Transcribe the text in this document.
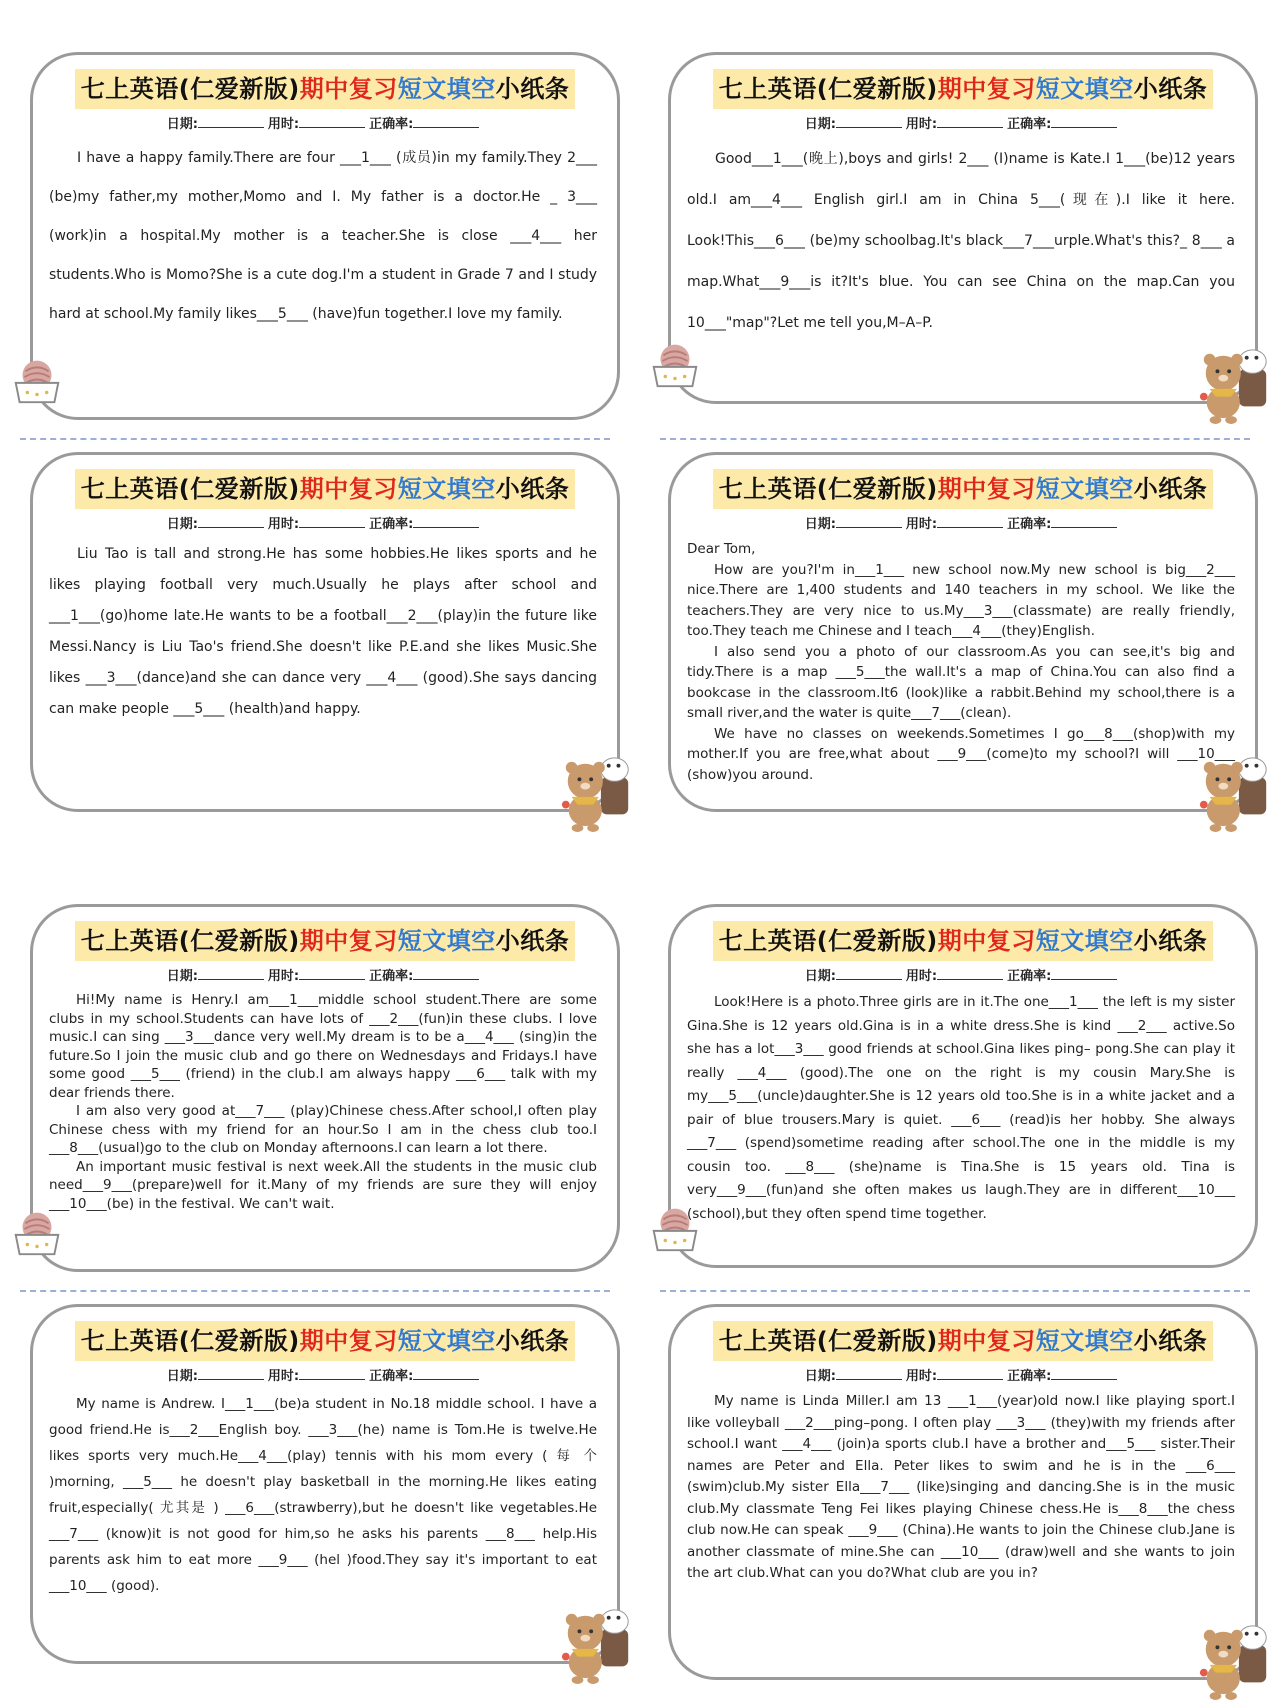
七上英语(仁爱新版)期中复习短文填空小纸条
日期:	用时:	正确率:

I have a happy family.There are four ___1___ (成员)in my family.They 2___ (be)my father,my mother,Momo and I. My father is a doctor.He _ 3___ (work)in a hospital.My mother is a teacher.She is close ___4___ her students.Who is Momo?She is a cute dog.I'm a student in Grade 7 and I study hard at school.My family likes___5___ (have)fun together.I love my family.

七上英语(仁爱新版)期中复习短文填空小纸条
日期:	用时:	正确率:

Good___1___(晚上),boys and girls! 2___ (I)name is Kate.I 1___(be)12 years old.I am___4___ English girl.I am in China 5___(现在).I like it here. Look!This___6___ (be)my schoolbag.It's black___7___urple.What's this?_ 8___ a map.What___9___is it?It's blue. You can see China on the map.Can you 10___"map"?Let me tell you,M–A–P.

七上英语(仁爱新版)期中复习短文填空小纸条
日期:	用时:	正确率:

Liu Tao is tall and strong.He has some hobbies.He likes sports and he likes playing football very much.Usually he plays after school and ___1___(go)home late.He wants to be a football___2___(play)in the future like Messi.Nancy is Liu Tao's friend.She doesn't like P.E.and she likes Music.She likes ___3___(dance)and she can dance very ___4___ (good).She says dancing can make people ___5___ (health)and happy.

七上英语(仁爱新版)期中复习短文填空小纸条
日期:	用时:	正确率:

Dear Tom,

How are you?I'm in___1___ new school now.My new school is big___2___ nice.There are 1,400 students and 140 teachers in my school. We like the teachers.They are very nice to us.My___3___(classmate) are really friendly, too.They teach me Chinese and I teach___4___(they)English.

I also send you a photo of our classroom.As you can see,it's big and tidy.There is a map ___5___the wall.It's a map of China.You can also find a bookcase in the classroom.It6 (look)like a rabbit.Behind my school,there is a small river,and the water is quite___7___(clean).

We have no classes on weekends.Sometimes I go___8___(shop)with my mother.If you are free,what about ___9___(come)to my school?I will ___10___ (show)you around.

七上英语(仁爱新版)期中复习短文填空小纸条
日期:	用时:	正确率:

Hi!My name is Henry.I am___1___middle school student.There are some clubs in my school.Students can have lots of ___2___(fun)in these clubs. I love music.I can sing ___3___dance very well.My dream is to be a___4___ (sing)in the future.So I join the music club and go there on Wednesdays and Fridays.I have some good ___5___ (friend) in the club.I am always happy ___6___ talk with my dear friends there.

I am also very good at___7___ (play)Chinese chess.After school,I often play Chinese chess with my friend for an hour.So I am in the chess club too.I ___8___(usual)go to the club on Monday afternoons.I can learn a lot there.

An important music festival is next week.All the students in the music club need___9___(prepare)well for it.Many of my friends are sure they will enjoy ___10___(be) in the festival. We can't wait.

七上英语(仁爱新版)期中复习短文填空小纸条
日期:	用时:	正确率:

Look!Here is a photo.Three girls are in it.The one___1___ the left is my sister Gina.She is 12 years old.Gina is in a white dress.She is kind ___2___ active.So she has a lot___3___ good friends at school.Gina likes ping– pong.She can play it really ___4___ (good).The one on the right is my cousin Mary.She is my___5___(uncle)daughter.She is 12 years old too.She is in a white jacket and a pair of blue trousers.Mary is quiet. ___6___ (read)is her hobby. She always ___7___ (spend)sometime reading after school.The one in the middle is my cousin too. ___8___ (she)name is Tina.She is 15 years old. Tina is very___9___(fun)and she often makes us laugh.They are in different___10___ (school),but they often spend time together.

七上英语(仁爱新版)期中复习短文填空小纸条
日期:	用时:	正确率:

My name is Andrew. I___1___(be)a student in No.18 middle school. I have a good friend.He is___2___English boy. ___3___(he) name is Tom.He is twelve.He likes sports very much.He___4___(play) tennis with his mom every ( 每 个 )morning, ___5___ he doesn't play basketball in the morning.He likes eating fruit,especially( 尤其是 ) ___6___(strawberry),but he doesn't like vegetables.He ___7___ (know)it is not good for him,so he asks his parents ___8___ help.His parents ask him to eat more ___9___ (hel )food.They say it's important to eat ___10___ (good).

七上英语(仁爱新版)期中复习短文填空小纸条
日期:	用时:	正确率:

My name is Linda Miller.I am 13 ___1___(year)old now.I like playing sport.I like volleyball ___2___ping–pong. I often play ___3___ (they)with my friends after school.I want ___4___ (join)a sports club.I have a brother and___5___ sister.Their names are Peter and Ella. Peter likes to swim and he is in the ___6___ (swim)club.My sister Ella___7___ (like)singing and dancing.She is in the music club.My classmate Teng Fei likes playing Chinese chess.He is___8___the chess club now.He can speak ___9___ (China).He wants to join the Chinese club.Jane is another classmate of mine.She can ___10___ (draw)well and she wants to join the art club.What can you do?What club are you in?
